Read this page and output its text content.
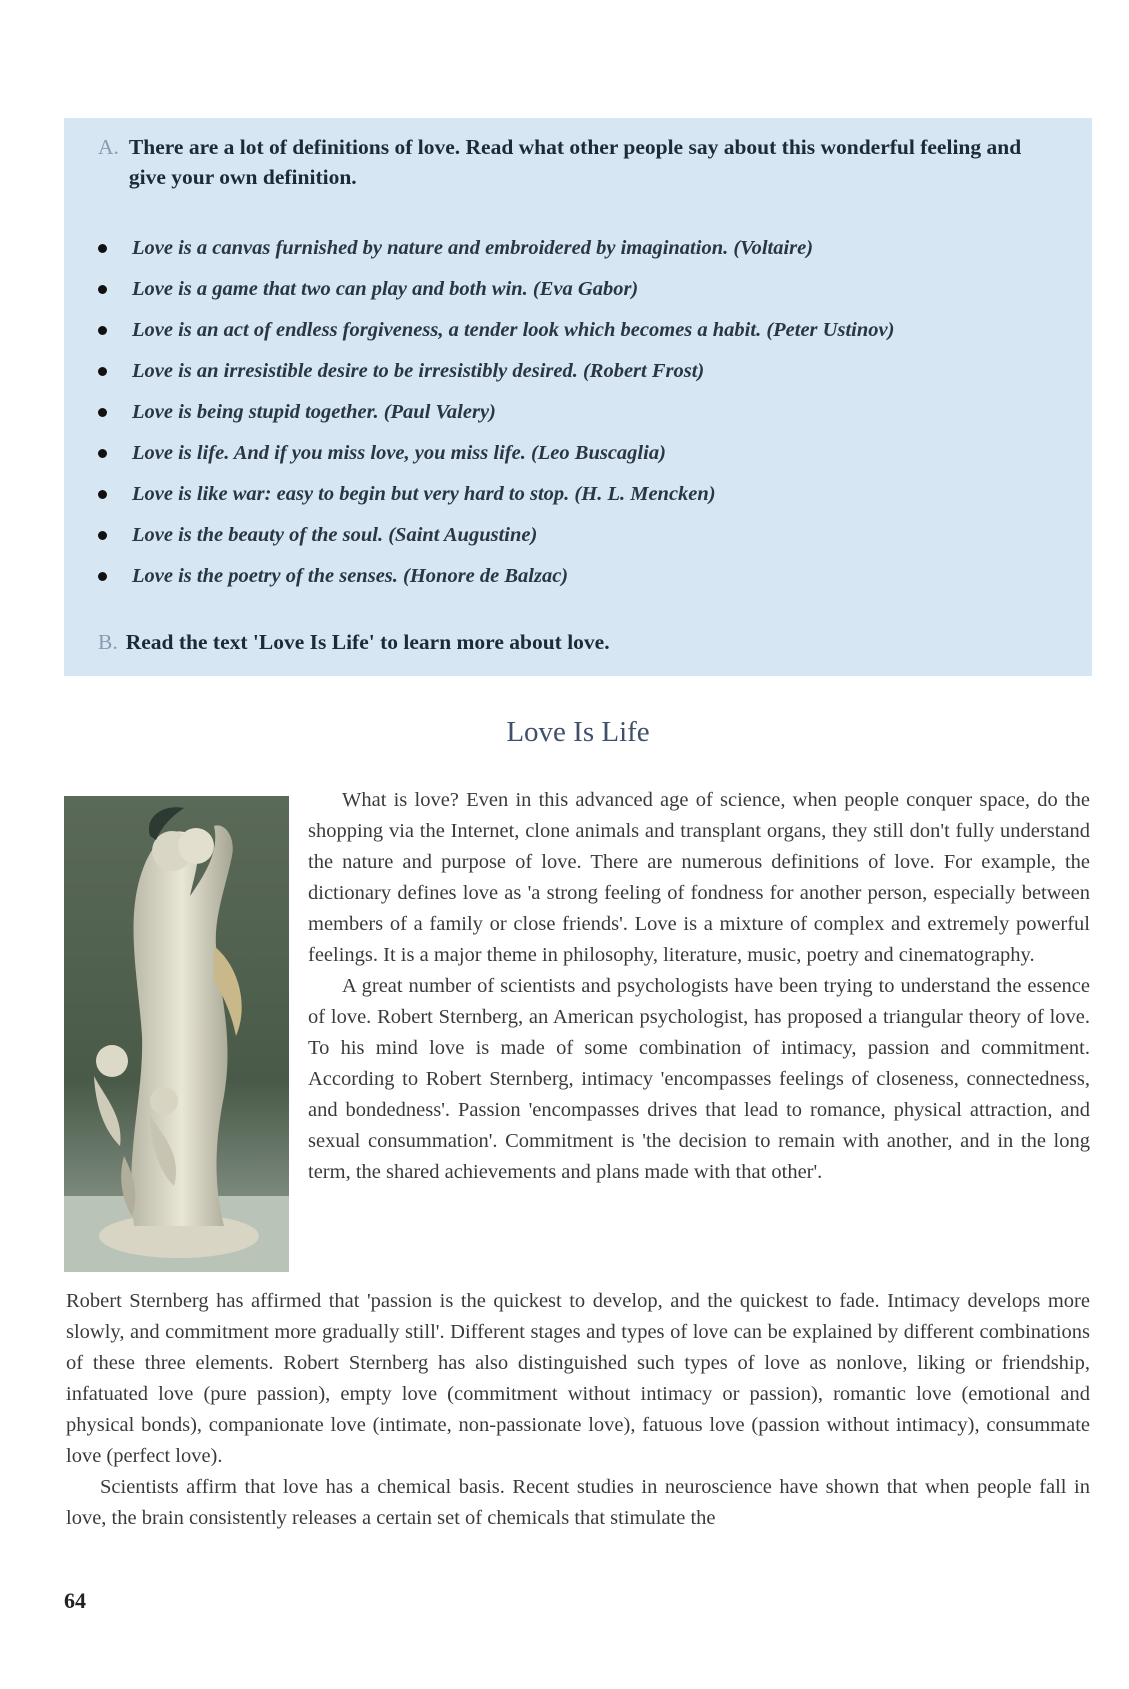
A. There are a lot of definitions of love. Read what other people say about this wonderful feeling and give your own definition.
Love is a canvas furnished by nature and embroidered by imagination. (Voltaire)
Love is a game that two can play and both win. (Eva Gabor)
Love is an act of endless forgiveness, a tender look which becomes a habit. (Peter Ustinov)
Love is an irresistible desire to be irresistibly desired. (Robert Frost)
Love is being stupid together. (Paul Valery)
Love is life. And if you miss love, you miss life. (Leo Buscaglia)
Love is like war: easy to begin but very hard to stop. (H. L. Mencken)
Love is the beauty of the soul. (Saint Augustine)
Love is the poetry of the senses. (Honore de Balzac)
B. Read the text 'Love Is Life' to learn more about love.
Love Is Life

What is love? Even in this advanced age of science, when people conquer space, do the shopping via the Internet, clone animals and transplant organs, they still don't fully understand the nature and purpose of love. There are numerous definitions of love. For example, the dictionary defines love as 'a strong feeling of fondness for another person, especially between members of a family or close friends'. Love is a mixture of complex and extremely powerful feelings. It is a major theme in philosophy, literature, music, poetry and cinematography.

A great number of scientists and psychologists have been trying to understand the essence of love. Robert Sternberg, an American psychologist, has proposed a triangular theory of love. To his mind love is made of some combination of intimacy, passion and commitment. According to Robert Sternberg, intimacy 'encompasses feelings of closeness, connectedness, and bondedness'. Passion 'encompasses drives that lead to romance, physical attraction, and sexual consummation'. Commitment is 'the decision to remain with another, and in the long term, the shared achievements and plans made with that other'.

Robert Sternberg has affirmed that 'passion is the quickest to develop, and the quickest to fade. Intimacy develops more slowly, and commitment more gradually still'. Different stages and types of love can be explained by different combinations of these three elements. Robert Sternberg has also distinguished such types of love as nonlove, liking or friendship, infatuated love (pure passion), empty love (commitment without intimacy or passion), romantic love (emotional and physical bonds), companionate love (intimate, non-passionate love), fatuous love (passion without intimacy), consummate love (perfect love).

Scientists affirm that love has a chemical basis. Recent studies in neuroscience have shown that when people fall in love, the brain consistently releases a certain set of chemicals that stimulate the

64
